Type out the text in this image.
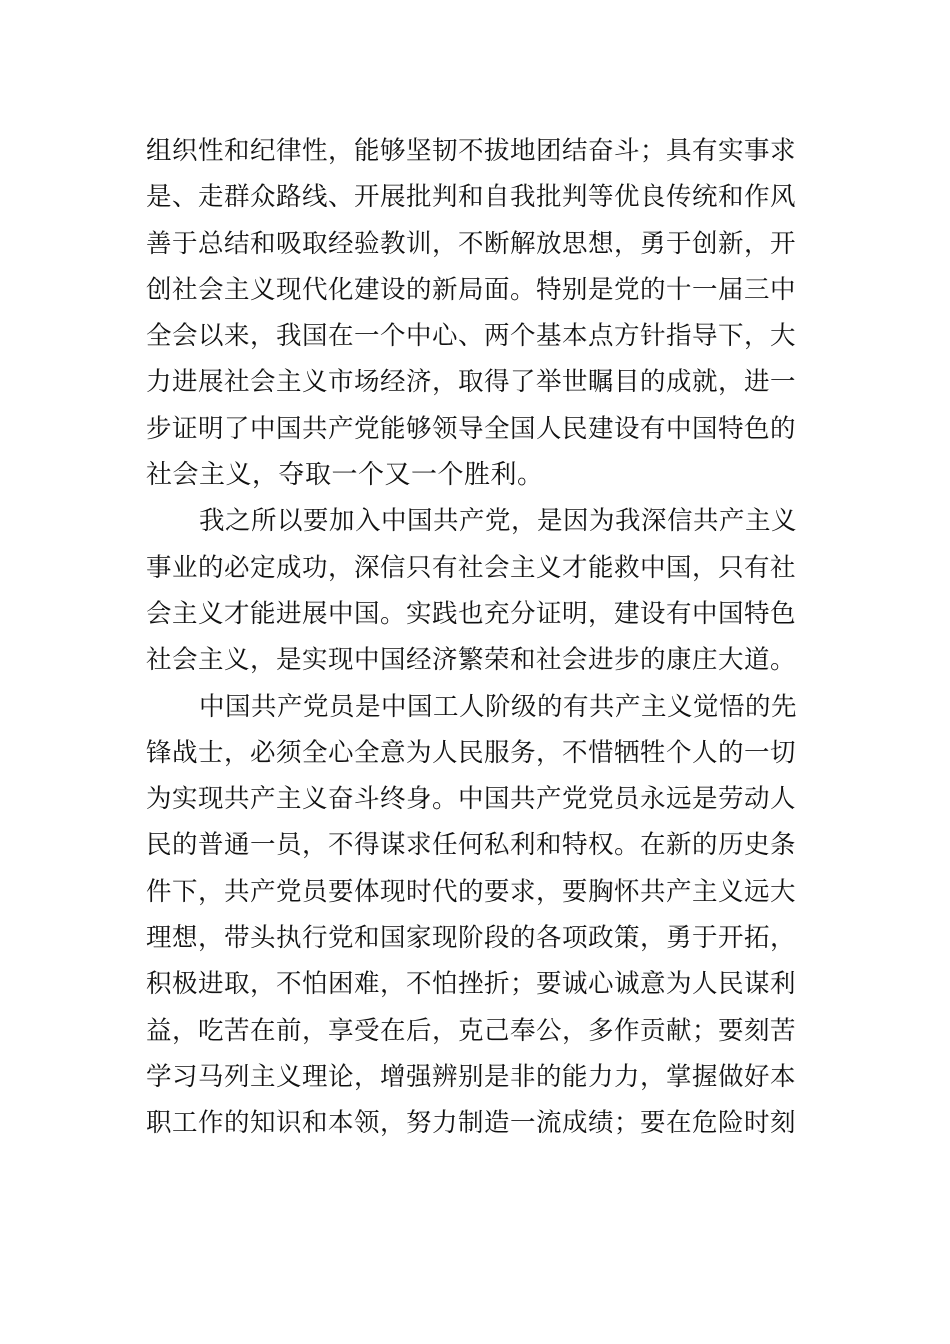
组织性和纪律性，能够坚韧不拔地团结奋斗；具有实事求
是、走群众路线、开展批判和自我批判等优良传统和作风
善于总结和吸取经验教训，不断解放思想，勇于创新，开
创社会主义现代化建设的新局面。特别是党的十一届三中
全会以来，我国在一个中心、两个基本点方针指导下，大
力进展社会主义市场经济，取得了举世瞩目的成就，进一
步证明了中国共产党能够领导全国人民建设有中国特色的
社会主义，夺取一个又一个胜利。
我之所以要加入中国共产党，是因为我深信共产主义
事业的必定成功，深信只有社会主义才能救中国，只有社
会主义才能进展中国。实践也充分证明，建设有中国特色
社会主义，是实现中国经济繁荣和社会进步的康庄大道。
中国共产党员是中国工人阶级的有共产主义觉悟的先
锋战士，必须全心全意为人民服务，不惜牺牲个人的一切
为实现共产主义奋斗终身。中国共产党党员永远是劳动人
民的普通一员，不得谋求任何私利和特权。在新的历史条
件下，共产党员要体现时代的要求，要胸怀共产主义远大
理想，带头执行党和国家现阶段的各项政策，勇于开拓，
积极进取，不怕困难，不怕挫折；要诚心诚意为人民谋利
益，吃苦在前，享受在后，克己奉公，多作贡献；要刻苦
学习马列主义理论，增强辨别是非的能力力，掌握做好本
职工作的知识和本领，努力制造一流成绩；要在危险时刻
